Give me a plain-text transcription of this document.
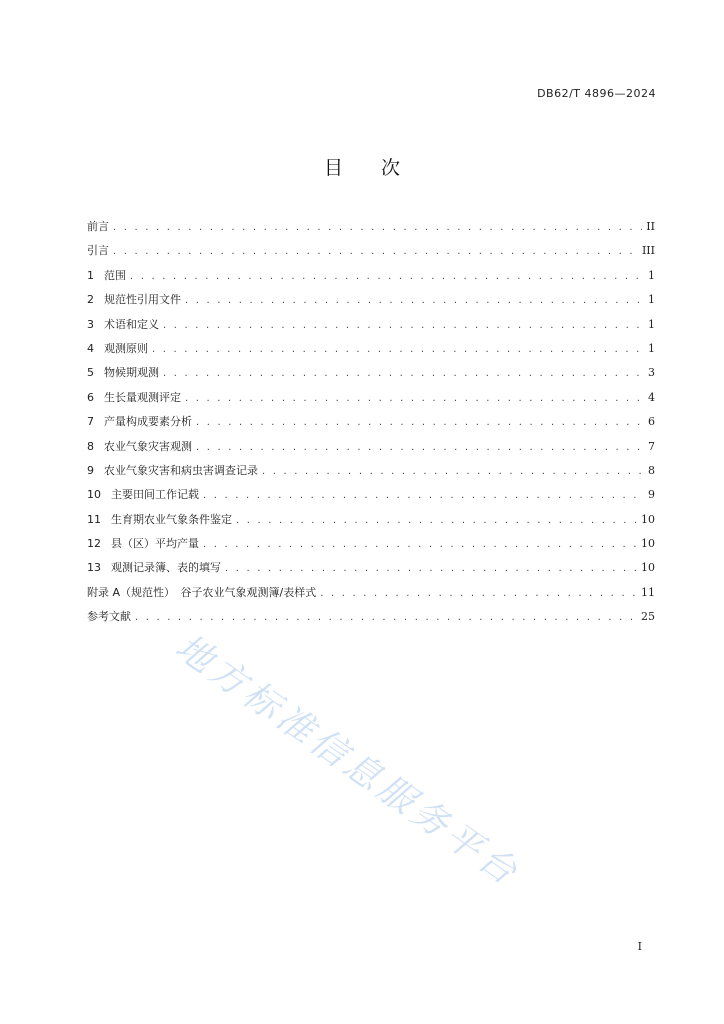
DB62/T 4896—2024
目 次
前言 . . .	II
引言 . . .	III
1 范围 . . .	1
2 规范性引用文件 . . .	1
3 术语和定义 . . .	1
4 观测原则 . . .	1
5 物候期观测 . . .	3
6 生长量观测评定 . . .	4
7 产量构成要素分析 . . .	6
8 农业气象灾害观测 . . .	7
9 农业气象灾害和病虫害调查记录 . . .	8
10 主要田间工作记载 . . .	9
11 生育期农业气象条件鉴定 . . .	10
12 县（区）平均产量 . . .	10
13 观测记录簿、表的填写 . . .	10
附录 A（规范性）　谷子农业气象观测簿/表样式 . . .	11
参考文献 . . .	25
地方标准信息服务平台
I
